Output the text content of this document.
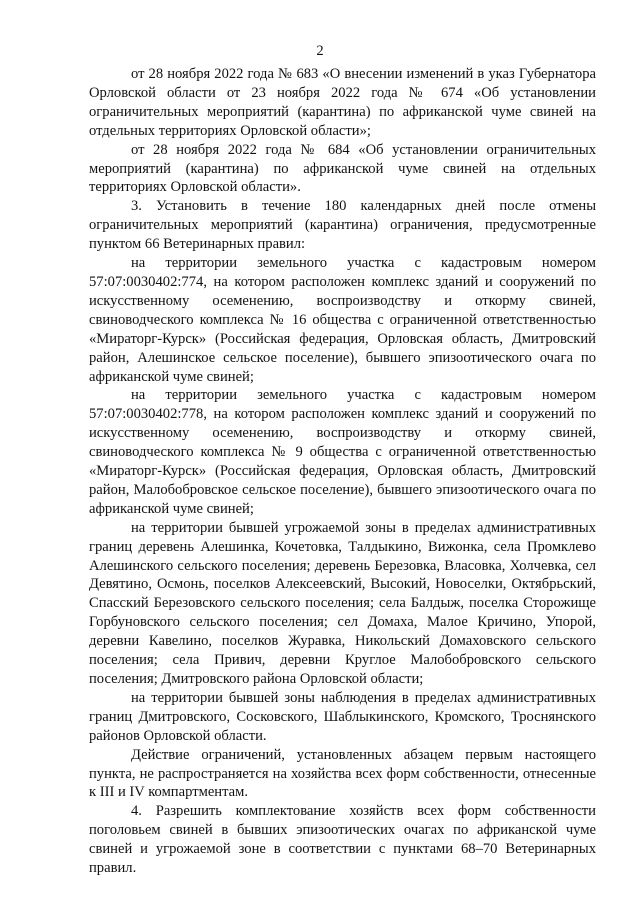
2

от 28 ноября 2022 года № 683 «О внесении изменений в указ Губернатора Орловской области от 23 ноября 2022 года № 674 «Об установлении ограничительных мероприятий (карантина) по африканской чуме свиней на отдельных территориях Орловской области»;

от 28 ноября 2022 года № 684 «Об установлении ограничительных мероприятий (карантина) по африканской чуме свиней на отдельных территориях Орловской области».

3. Установить в течение 180 календарных дней после отмены ограничительных мероприятий (карантина) ограничения, предусмотренные пунктом 66 Ветеринарных правил:

на территории земельного участка с кадастровым номером 57:07:0030402:774, на котором расположен комплекс зданий и сооружений по искусственному осеменению, воспроизводству и откорму свиней, свиноводческого комплекса № 16 общества с ограниченной ответственностью «Мираторг-Курск» (Российская федерация, Орловская область, Дмитровский район, Алешинское сельское поселение), бывшего эпизоотического очага по африканской чуме свиней;

на территории земельного участка с кадастровым номером 57:07:0030402:778, на котором расположен комплекс зданий и сооружений по искусственному осеменению, воспроизводству и откорму свиней, свиноводческого комплекса № 9 общества с ограниченной ответственностью «Мираторг-Курск» (Российская федерация, Орловская область, Дмитровский район, Малобобровское сельское поселение), бывшего эпизоотического очага по африканской чуме свиней;

на территории бывшей угрожаемой зоны в пределах административных границ деревень Алешинка, Кочетовка, Талдыкино, Вижонка, села Промклево Алешинского сельского поселения; деревень Березовка, Власовка, Холчевка, сел Девятино, Осмонь, поселков Алексеевский, Высокий, Новоселки, Октябрьский, Спасский Березовского сельского поселения; села Балдыж, поселка Сторожище Горбуновского сельского поселения; сел Домаха, Малое Кричино, Упорой, деревни Кавелино, поселков Журавка, Никольский Домаховского сельского поселения; села Привич, деревни Круглое Малобобровского сельского поселения; Дмитровского района Орловской области;

на территории бывшей зоны наблюдения в пределах административных границ Дмитровского, Сосковского, Шаблыкинского, Кромского, Троснянского районов Орловской области.

Действие ограничений, установленных абзацем первым настоящего пункта, не распространяется на хозяйства всех форм собственности, отнесенные к III и IV компартментам.

4. Разрешить комплектование хозяйств всех форм собственности поголовьем свиней в бывших эпизоотических очагах по африканской чуме свиней и угрожаемой зоне в соответствии с пунктами 68–70 Ветеринарных правил.
